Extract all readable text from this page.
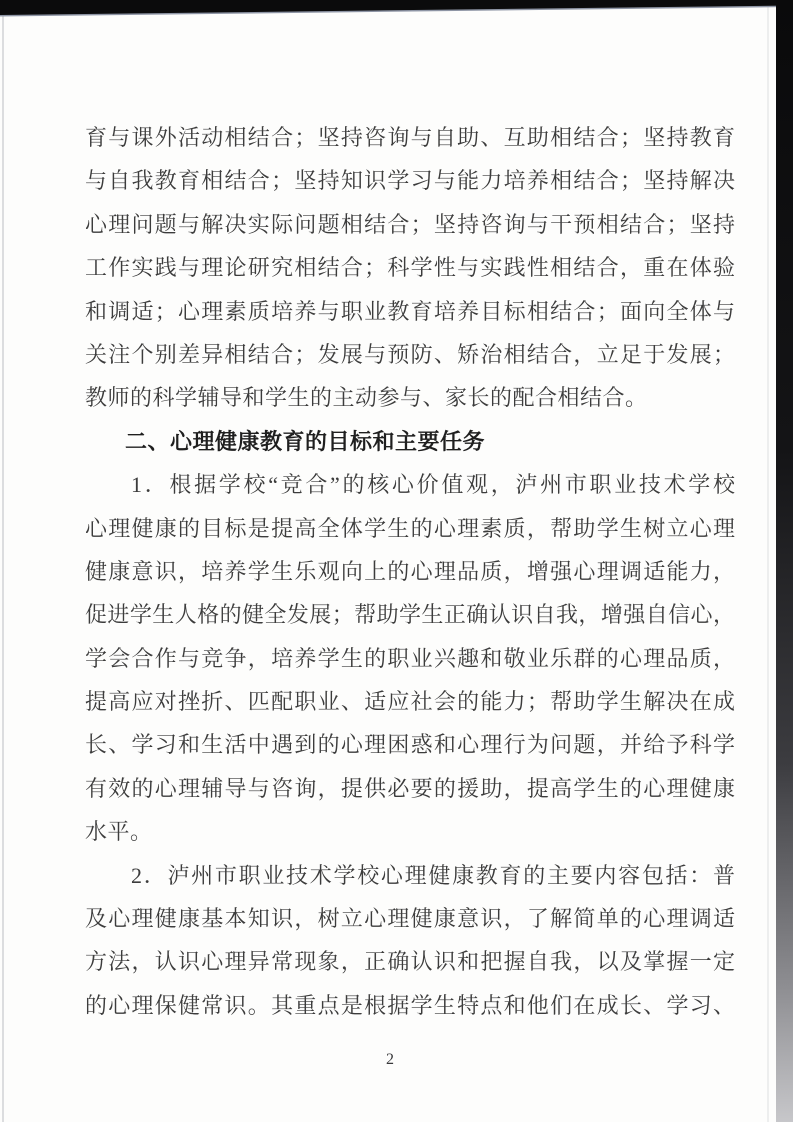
育与课外活动相结合；坚持咨询与自助、互助相结合；坚持教育
与自我教育相结合；坚持知识学习与能力培养相结合；坚持解决
心理问题与解决实际问题相结合；坚持咨询与干预相结合；坚持
工作实践与理论研究相结合；科学性与实践性相结合，重在体验
和调适；心理素质培养与职业教育培养目标相结合；面向全体与
关注个别差异相结合；发展与预防、矫治相结合，立足于发展；
教师的科学辅导和学生的主动参与、家长的配合相结合。
二、心理健康教育的目标和主要任务
1．根据学校“竞合”的核心价值观，泸州市职业技术学校
心理健康的目标是提高全体学生的心理素质，帮助学生树立心理
健康意识，培养学生乐观向上的心理品质，增强心理调适能力，
促进学生人格的健全发展；帮助学生正确认识自我，增强自信心，
学会合作与竞争，培养学生的职业兴趣和敬业乐群的心理品质，
提高应对挫折、匹配职业、适应社会的能力；帮助学生解决在成
长、学习和生活中遇到的心理困惑和心理行为问题，并给予科学
有效的心理辅导与咨询，提供必要的援助，提高学生的心理健康
水平。
2．泸州市职业技术学校心理健康教育的主要内容包括：普
及心理健康基本知识，树立心理健康意识，了解简单的心理调适
方法，认识心理异常现象，正确认识和把握自我，以及掌握一定
的心理保健常识。其重点是根据学生特点和他们在成长、学习、
2
